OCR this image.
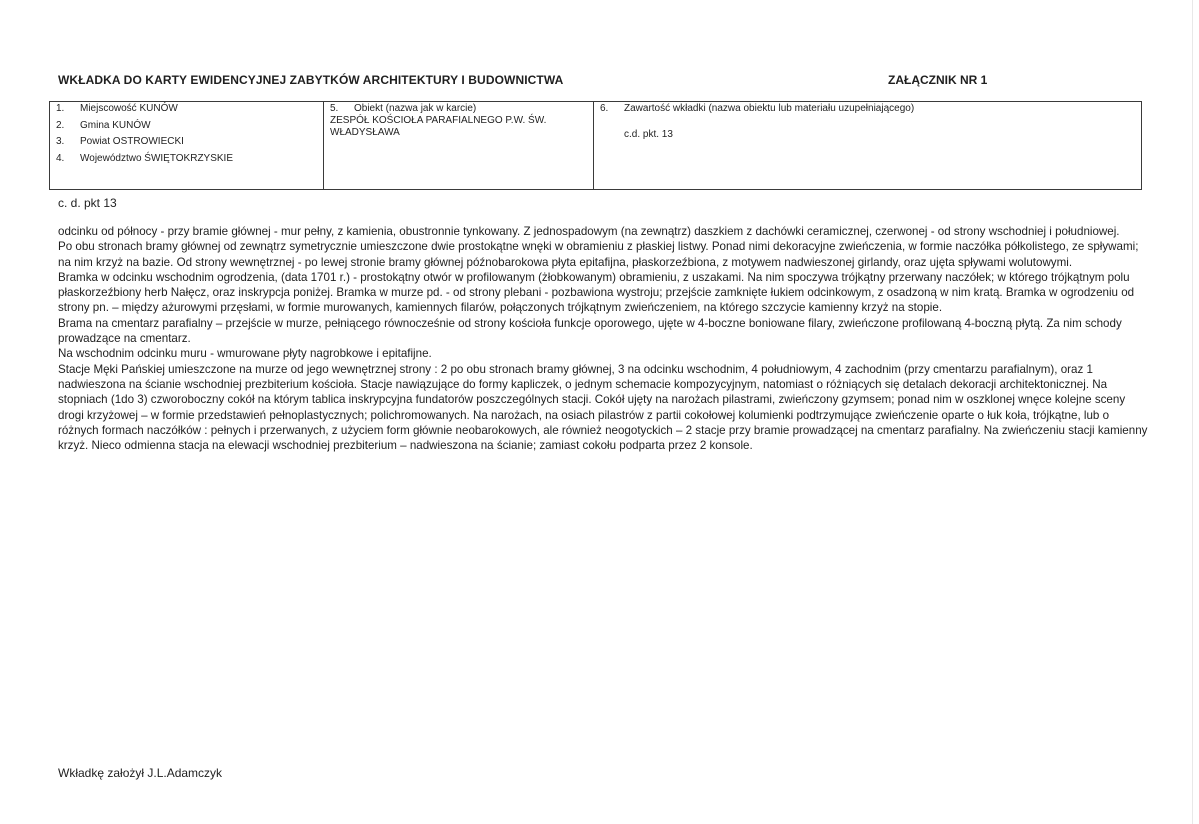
WKŁADKA DO KARTY EWIDENCYJNEJ ZABYTKÓW ARCHITEKTURY I BUDOWNICTWA	ZAŁĄCZNIK NR 1
1.	Miejscowość KUNÓW
2.	Gmina KUNÓW
3.	Powiat OSTROWIECKI
4.	Województwo ŚWIĘTOKRZYSKIE
5.	Obiekt (nazwa jak w karcie)
ZESPÓŁ KOŚCIOŁA PARAFIALNEGO P.W. ŚW. WŁADYSŁAWA
6.	Zawartość wkładki (nazwa obiektu lub materiału uzupełniającego)
c.d. pkt. 13
c. d. pkt 13

odcinku od północy - przy bramie głównej - mur pełny, z kamienia, obustronnie tynkowany. Z jednospadowym (na zewnątrz) daszkiem z dachówki ceramicznej, czerwonej - od strony wschodniej i południowej.

Po obu stronach bramy głównej od zewnątrz symetrycznie umieszczone dwie prostokątne wnęki w obramieniu z płaskiej listwy. Ponad nimi dekoracyjne zwieńczenia, w formie naczółka półkolistego, ze spływami; na nim krzyż na bazie. Od strony wewnętrznej - po lewej stronie bramy głównej późnobarokowa płyta epitafijna, płaskorzeźbiona, z motywem nadwieszonej girlandy, oraz ujęta spływami wolutowymi.

Bramka w odcinku wschodnim ogrodzenia, (data 1701 r.) - prostokątny otwór w profilowanym (żłobkowanym) obramieniu, z uszakami. Na nim spoczywa trójkątny przerwany naczółek; w którego trójkątnym polu płaskorzeźbiony herb Nałęcz, oraz inskrypcja poniżej. Bramka w murze pd. - od strony plebani - pozbawiona wystroju; przejście zamknięte łukiem odcinkowym, z osadzoną w nim kratą. Bramka w ogrodzeniu od strony pn. – między ażurowymi przęsłami, w formie murowanych, kamiennych filarów, połączonych trójkątnym zwieńczeniem, na którego szczycie kamienny krzyż na stopie.

Brama na cmentarz parafialny – przejście w murze, pełniącego równocześnie od strony kościoła funkcje oporowego, ujęte w 4-boczne boniowane filary, zwieńczone profilowaną 4-boczną płytą. Za nim schody prowadzące na cmentarz.

Na wschodnim odcinku muru - wmurowane płyty nagrobkowe i epitafijne.

Stacje Męki Pańskiej umieszczone na murze od jego wewnętrznej strony : 2 po obu stronach bramy głównej, 3 na odcinku wschodnim, 4 południowym, 4 zachodnim (przy cmentarzu parafialnym), oraz 1 nadwieszona na ścianie wschodniej prezbiterium kościoła. Stacje nawiązujące do formy kapliczek, o jednym schemacie kompozycyjnym, natomiast o różniących się detalach dekoracji architektonicznej. Na stopniach (1do 3) czworoboczny cokół na którym tablica inskrypcyjna fundatorów poszczególnych stacji. Cokół ujęty na narożach pilastrami, zwieńczony gzymsem; ponad nim w oszklonej wnęce kolejne sceny drogi krzyżowej – w formie przedstawień pełnoplastycznych; polichromowanych. Na narożach, na osiach pilastrów z partii cokołowej kolumienki podtrzymujące zwieńczenie oparte o łuk koła, trójkątne, lub o różnych formach naczółków : pełnych i przerwanych, z użyciem form głównie neobarokowych, ale również neogotyckich – 2 stacje przy bramie prowadzącej na cmentarz parafialny. Na zwieńczeniu stacji kamienny krzyż. Nieco odmienna stacja na elewacji wschodniej prezbiterium – nadwieszona na ścianie; zamiast cokołu podparta przez 2 konsole.

Wkładkę założył J.L.Adamczyk
